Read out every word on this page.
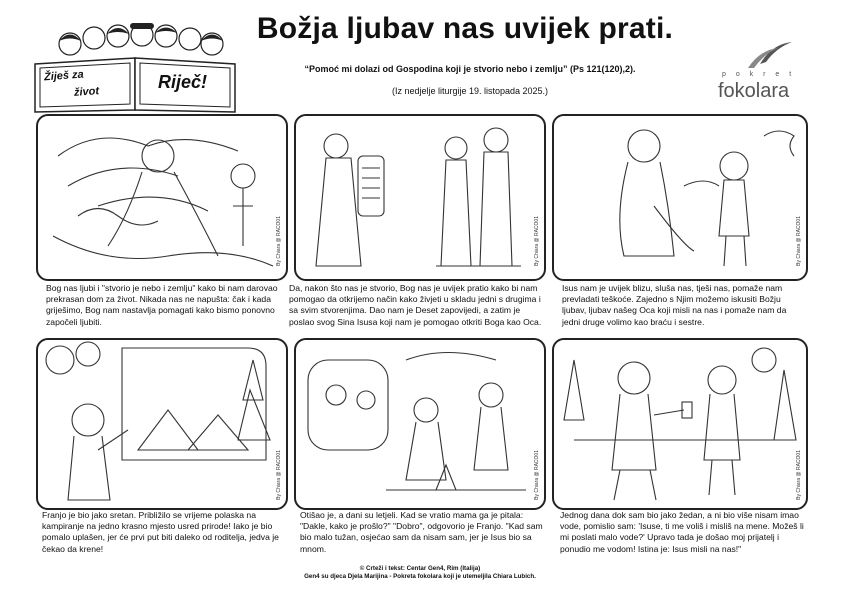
Žiješ za
život	Riječ!
Božja ljubav nas uvijek prati.
“Pomoć mi dolazi od Gospodina koji je stvorio nebo i zemlju” (Ps 121(120),2).
(Iz nedjelje liturgije 19. listopada 2025.)
p o k r e t
fokolara
By Chiara @ RACO01	By Chiara @ RACO01	By Chiara @ RACO01
Bog nas ljubi i "stvorio je nebo i zemlju" kako bi nam darovao prekrasan dom za život. Nikada nas ne napušta: čak i kada griješimo, Bog nam nastavlja pomagati kako bismo ponovno započeli ljubiti.
Da, nakon što nas je stvorio, Bog nas je uvijek pratio kako bi nam pomogao da otkrijemo način kako živjeti u skladu jedni s drugima i sa svim stvorenjima. Dao nam je Deset zapovijedi, a zatim je poslao svog Sina Isusa koji nam je pomogao otkriti Boga kao Oca.
Isus nam je uvijek blizu, sluša nas, tješi nas, pomaže nam prevladati teškoće. Zajedno s Njim možemo iskusiti Božju ljubav, ljubav našeg Oca koji misli na nas i pomaže nam da jedni druge volimo kao braću i sestre.
By Chiara @ RACO01	By Chiara @ RACO01	By Chiara @ RACO01
Franjo je bio jako sretan. Približilo se vrijeme polaska na kampiranje na jedno krasno mjesto usred prirode! Iako je bio pomalo uplašen, jer će prvi put biti daleko od roditelja, jedva je čekao da krene!
Otišao je, a dani su letjeli. Kad se vratio mama ga je pitala: "Dakle, kako je prošlo?" "Dobro", odgovorio je Franjo. "Kad sam bio malo tužan, osjećao sam da nisam sam, jer je Isus bio sa mnom.
Jednog dana dok sam bio jako žedan, a ni bio više nisam imao vode, pomislio sam: 'Isuse, ti me voliš i misliš na mene. Možeš li mi poslati malo vode?' Upravo tada je došao moj prijatelj i ponudio me vodom! Istina je: Isus misli na nas!"
© Crteži i tekst: Centar Gen4, Rim (Italija)
Gen4 su djeca Djela Marijina - Pokreta fokolara koji je utemeljila Chiara Lubich.
